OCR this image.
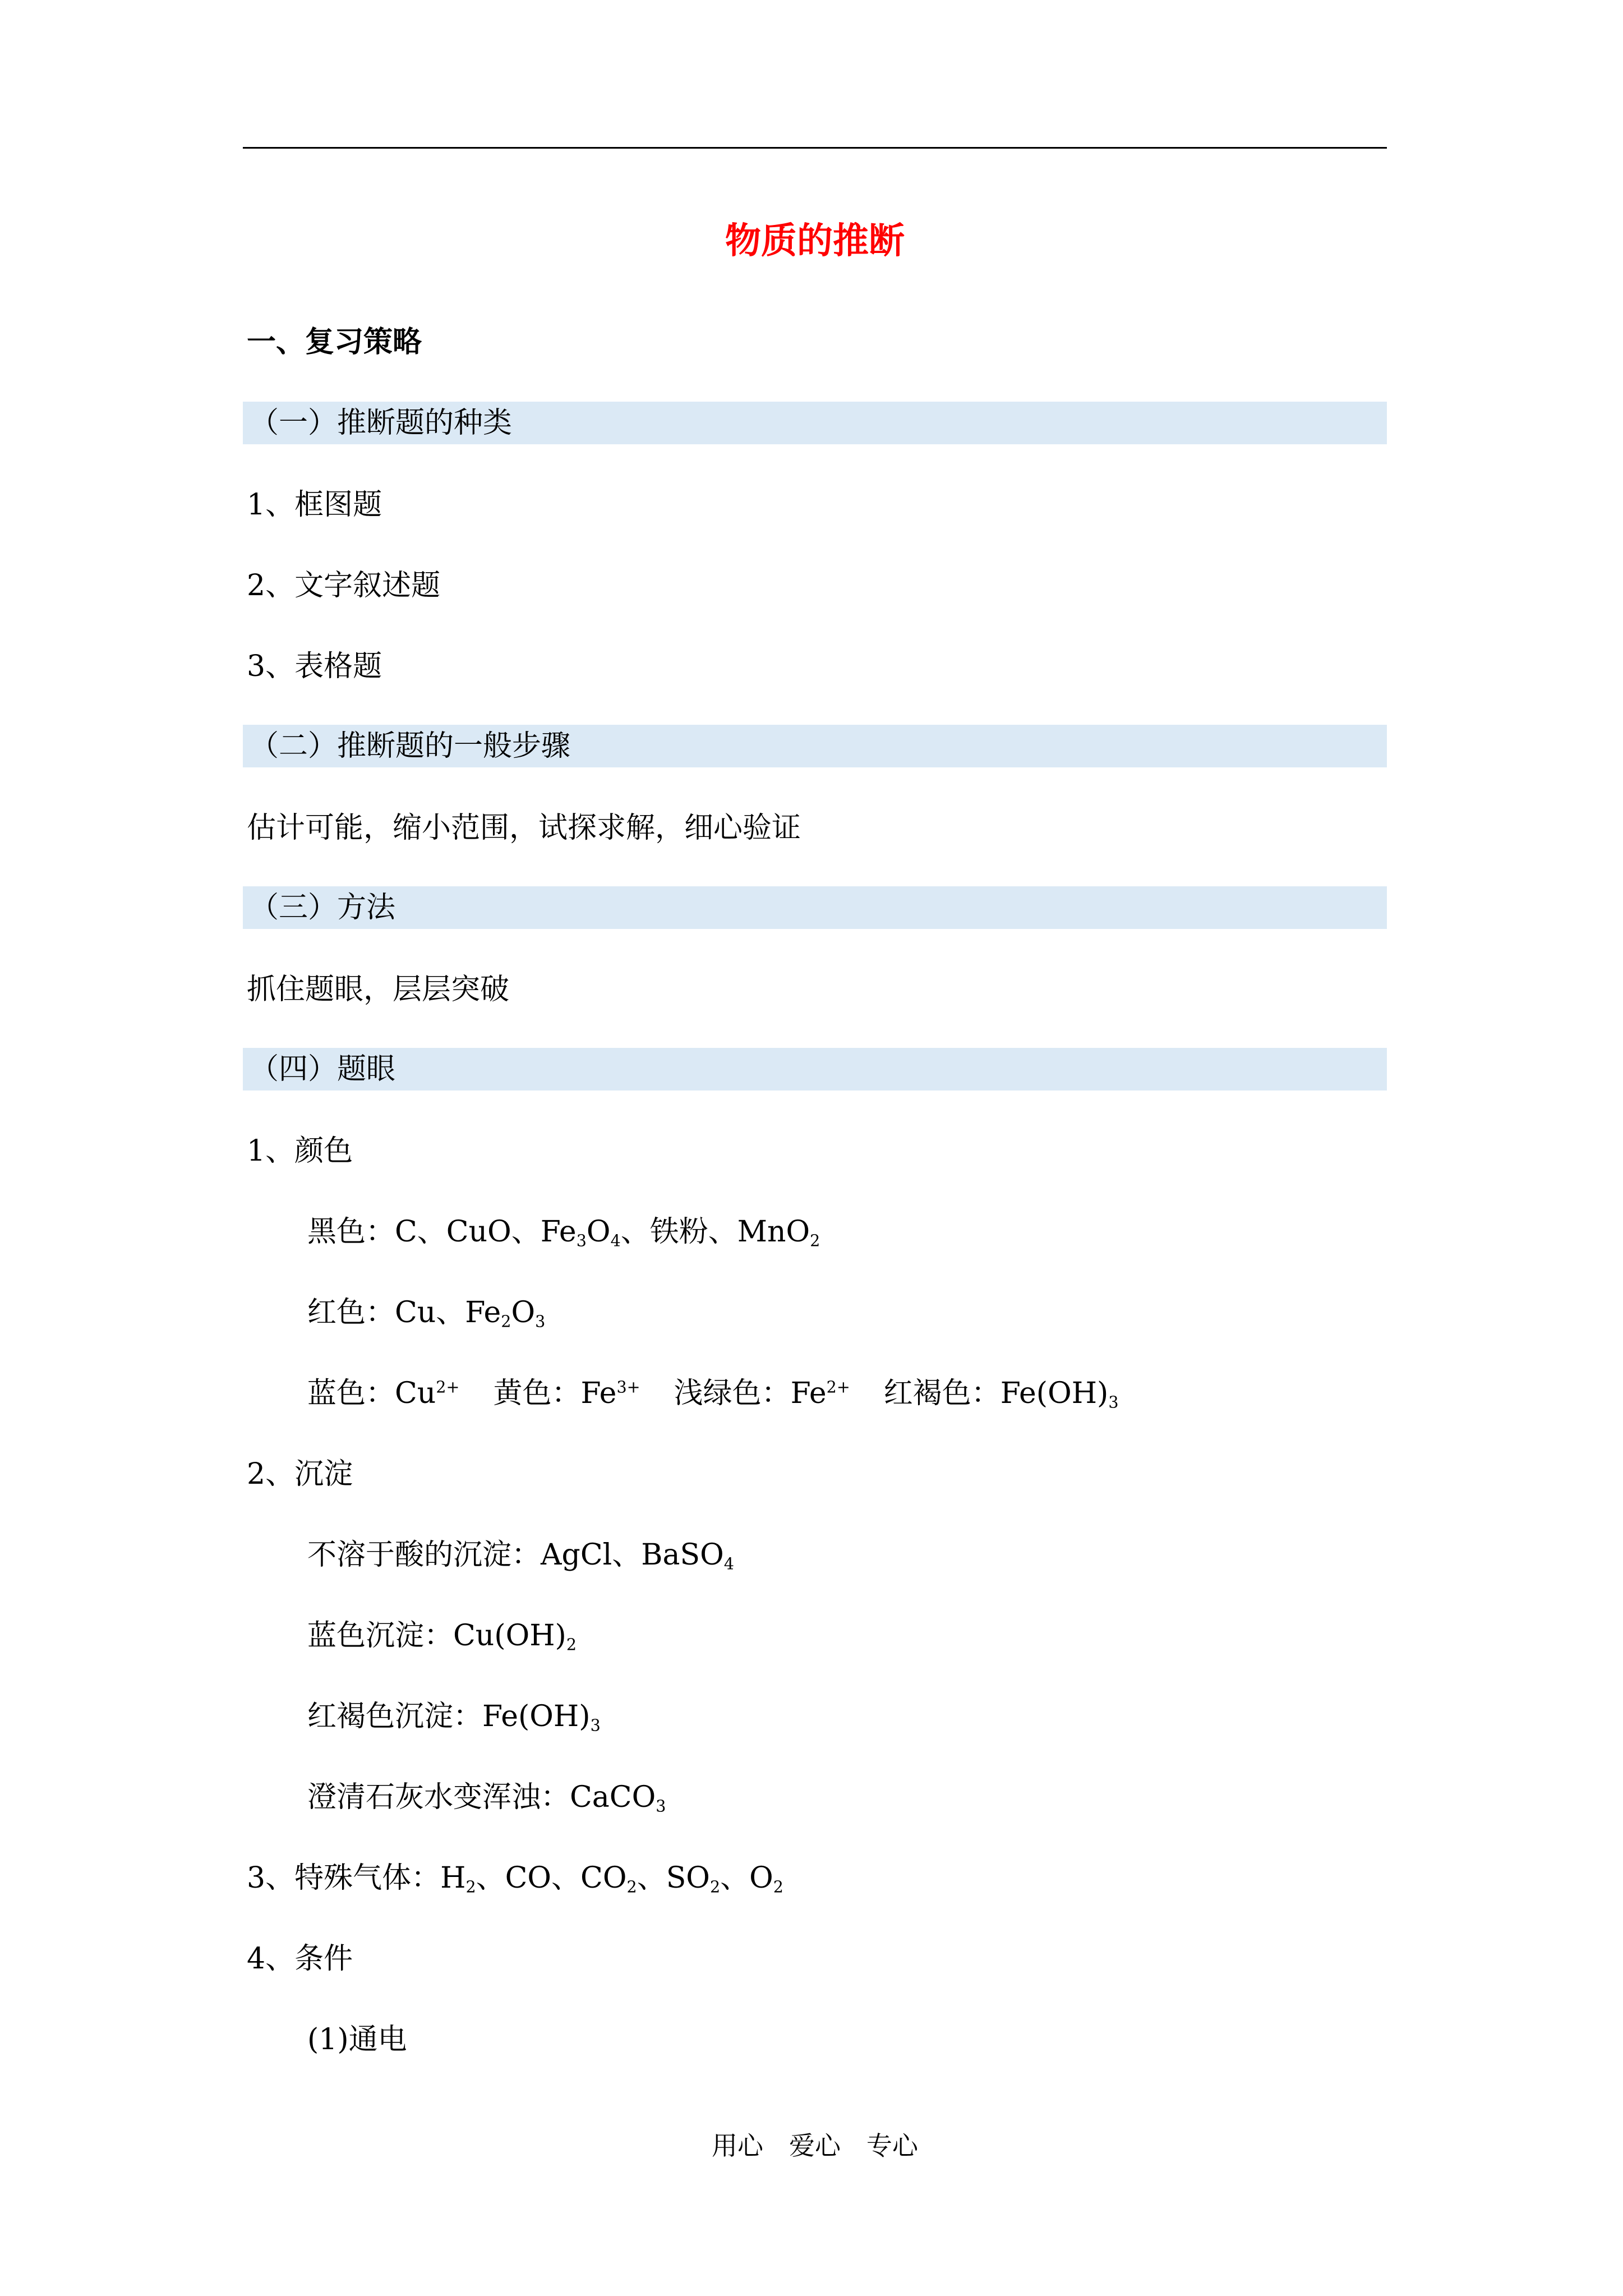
物质的推断
一、复习策略
（一）推断题的种类
1、框图题
2、文字叙述题
3、表格题
（二）推断题的一般步骤
估计可能，缩小范围，试探求解，细心验证
（三）方法
抓住题眼，层层突破
（四）题眼
1、颜色
黑色：C、CuO、$Fe_3O_4$、铁粉、MnO$_2$
红色：Cu、$Fe_2O_3$
蓝色：$Cu^{2+}$ 黄色：$Fe^{3+}$ 浅绿色：$Fe^{2+}$ 红褐色：$Fe(OH)_3$
2、沉淀
不溶于酸的沉淀：AgCl、BaSO$_4$
蓝色沉淀：$Cu(OH)_2$
红褐色沉淀：$Fe(OH)_3$
澄清石灰水变浑浊：CaCO$_3$
3、特殊气体：$H_2$、CO、$CO_2$、$SO_2$、$O_2$
4、条件
(1)通电
用心　爱心　专心
